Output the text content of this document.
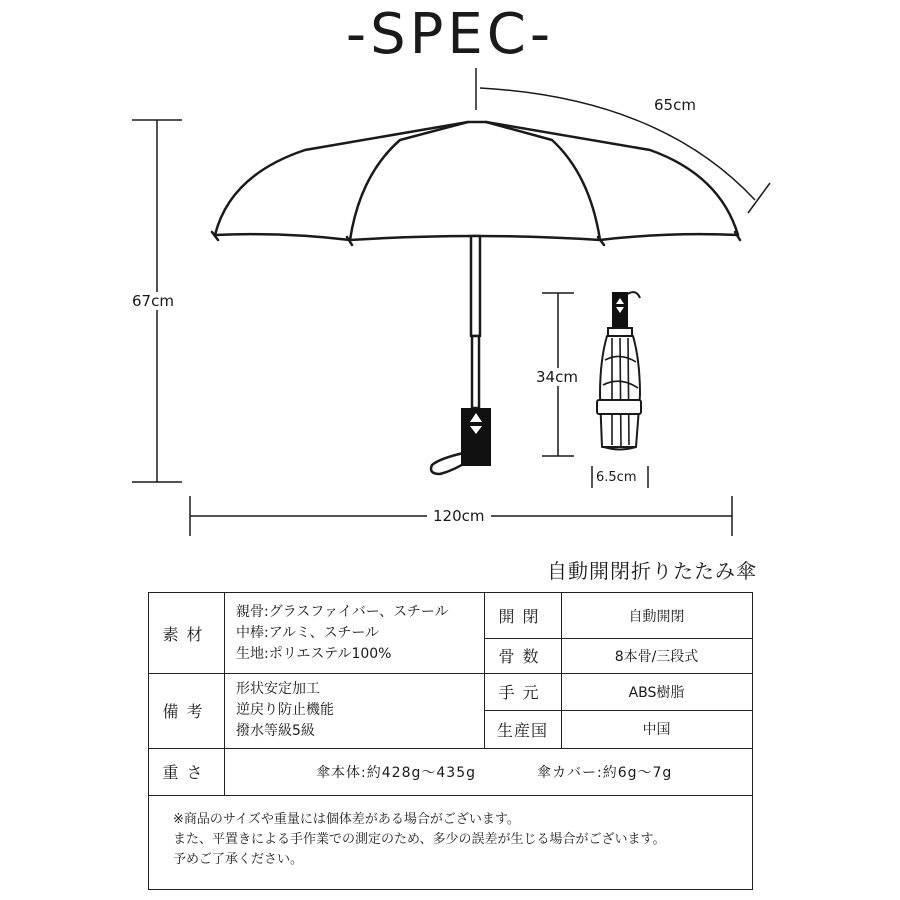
-SPEC-
65cm
67cm
120cm
34cm
6.5cm
自動開閉折りたたみ傘
素材
親骨:グラスファイバー、スチール
中棒:アルミ、スチール
生地:ポリエステル100%
開閉	自動開閉
骨数	8本骨/三段式
備考
形状安定加工
逆戻り防止機能
撥水等級5級
手元	ABS樹脂
生産国	中国
重さ	傘本体:約428g〜435g	傘カバー:約6g〜7g
※商品のサイズや重量には個体差がある場合がございます。
また、平置きによる手作業での測定のため、多少の誤差が生じる場合がございます。
予めご了承ください。
